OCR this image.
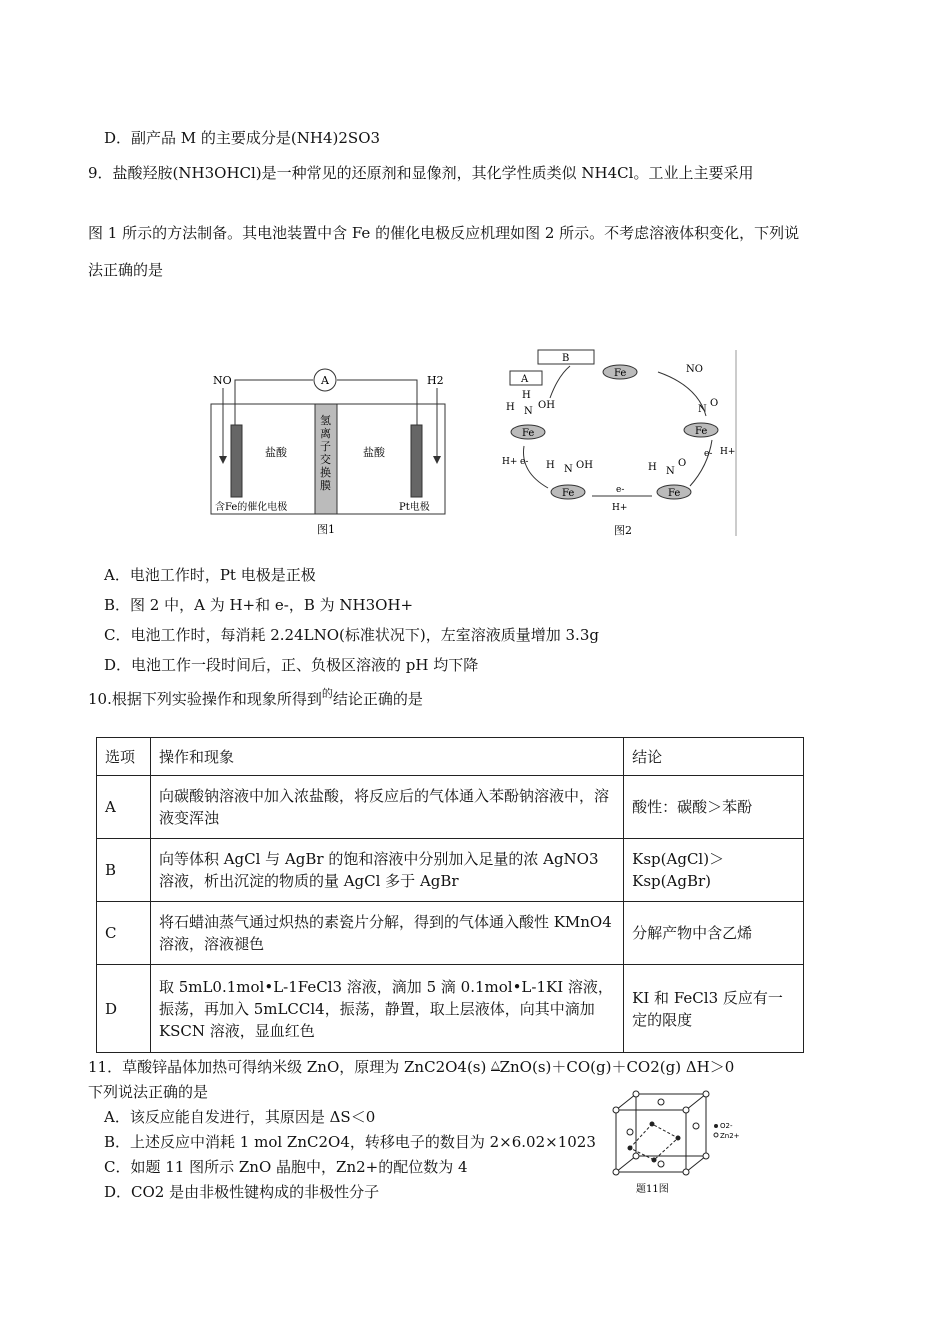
D．副产品 M 的主要成分是(NH4)2SO3
9．盐酸羟胺(NH3OHCl)是一种常见的还原剂和显像剂，其化学性质类似 NH4Cl。工业上主要采用
图 1 所示的方法制备。其电池装置中含 Fe 的催化电极反应机理如图 2 所示。不考虑溶液体积变化，下列说
法正确的是
NO	H2
A
氢离子交换膜
盐酸	盐酸
含Fe的催化电极	Pt电极
图1
B
A
Fe
Fe
Fe
Fe
Fe
NO
N
O
H N
O
H N OH
H N
OH
H
e- H+
e-
H+
H+ e-
图2
A．电池工作时，Pt 电极是正极
B．图 2 中，A 为 H+和 e-，B 为 NH3OH+
C．电池工作时，每消耗 2.24LNO(标准状况下)，左室溶液质量增加 3.3g
D．电池工作一段时间后，正、负极区溶液的 pH 均下降
10.根据下列实验操作和现象所得到$^的$结论正确的是
选项	操作和现象	结论
A	向碳酸钠溶液中加入浓盐酸，将反应后的气体通入苯酚钠溶液中，溶液变浑浊	酸性：碳酸＞苯酚
B	向等体积 AgCl 与 AgBr 的饱和溶液中分别加入足量的浓 AgNO3 溶液，析出沉淀的物质的量 AgCl 多于 AgBr	Ksp(AgCl)＞Ksp(AgBr)
C	将石蜡油蒸气通过炽热的素瓷片分解，得到的气体通入酸性 KMnO4 溶液，溶液褪色	分解产物中含乙烯
D	取 5mL0.1mol•L-1FeCl3 溶液，滴加 5 滴 0.1mol•L-1KI 溶液，振荡，再加入 5mLCCl4，振荡，静置，取上层液体，向其中滴加 KSCN 溶液，显血红色	KI 和 FeCl3 反应有一定的限度
11．草酸锌晶体加热可得纳米级 ZnO，原理为 ZnC2O4(s) △ZnO(s)＋CO(g)＋CO2(g) ΔH＞0
下列说法正确的是
A．该反应能自发进行，其原因是 ΔS＜0
B．上述反应中消耗 1 mol ZnC2O4，转移电子的数目为 2×6.02×1023
C．如题 11 图所示 ZnO 晶胞中，Zn2+的配位数为 4
D．CO2 是由非极性键构成的非极性分子
O2-
Zn2+
题11图
